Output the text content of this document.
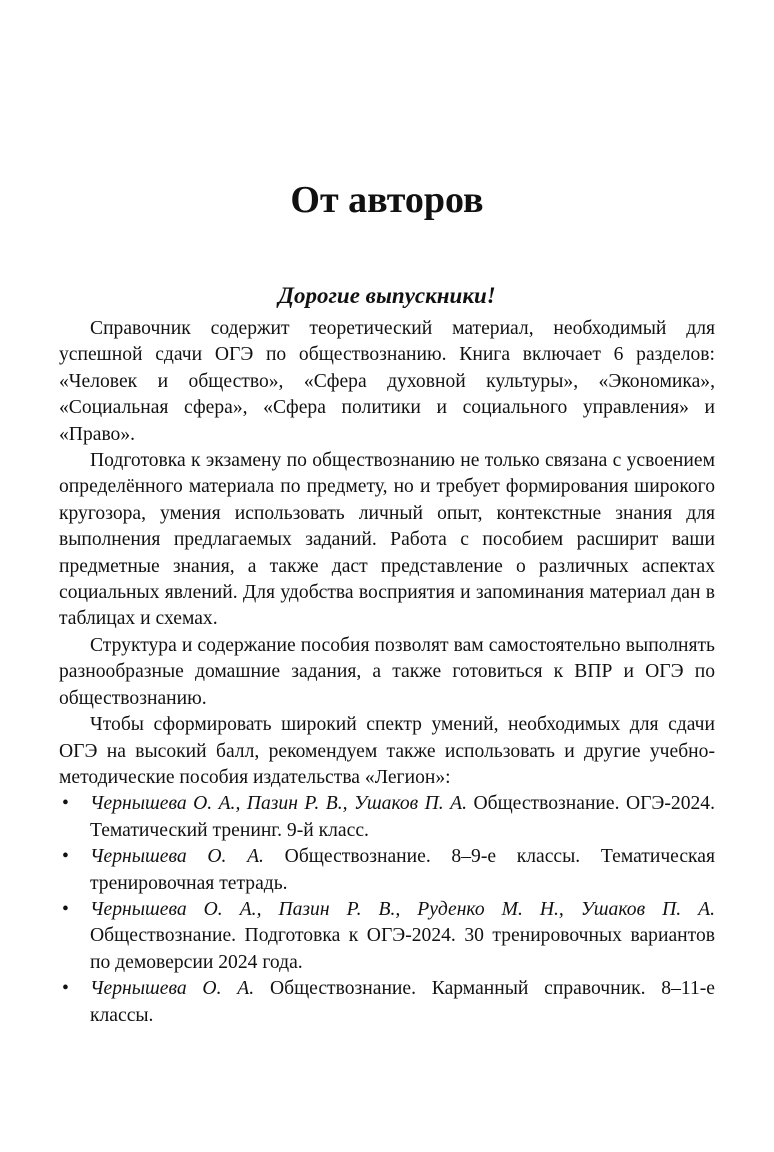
От авторов
Дорогие выпускники!

Справочник содержит теоретический материал, необходимый для успешной сдачи ОГЭ по обществознанию. Книга включает 6 разделов: «Человек и общество», «Сфера духовной культуры», «Экономика», «Социальная сфера», «Сфера политики и социального управления» и «Право».

Подготовка к экзамену по обществознанию не только связана с усвоением определённого материала по предмету, но и требует формирования широкого кругозора, умения использовать личный опыт, контекстные знания для выполнения предлагаемых заданий. Работа с пособием расширит ваши предметные знания, а также даст представление о различных аспектах социальных явлений. Для удобства восприятия и запоминания материал дан в таблицах и схемах.

Структура и содержание пособия позволят вам самостоятельно выполнять разнообразные домашние задания, а также готовиться к ВПР и ОГЭ по обществознанию.

Чтобы сформировать широкий спектр умений, необходимых для сдачи ОГЭ на высокий балл, рекомендуем также использовать и другие учебно-методические пособия издательства «Легион»:

• Чернышева О. А., Пазин Р. В., Ушаков П. А. Обществознание. ОГЭ-2024. Тематический тренинг. 9-й класс.
• Чернышева О. А. Обществознание. 8–9-е классы. Тематическая тренировочная тетрадь.
• Чернышева О. А., Пазин Р. В., Руденко М. Н., Ушаков П. А. Обществознание. Подготовка к ОГЭ-2024. 30 тренировочных вариантов по демоверсии 2024 года.
• Чернышева О. А. Обществознание. Карманный справочник. 8–11-е классы.
